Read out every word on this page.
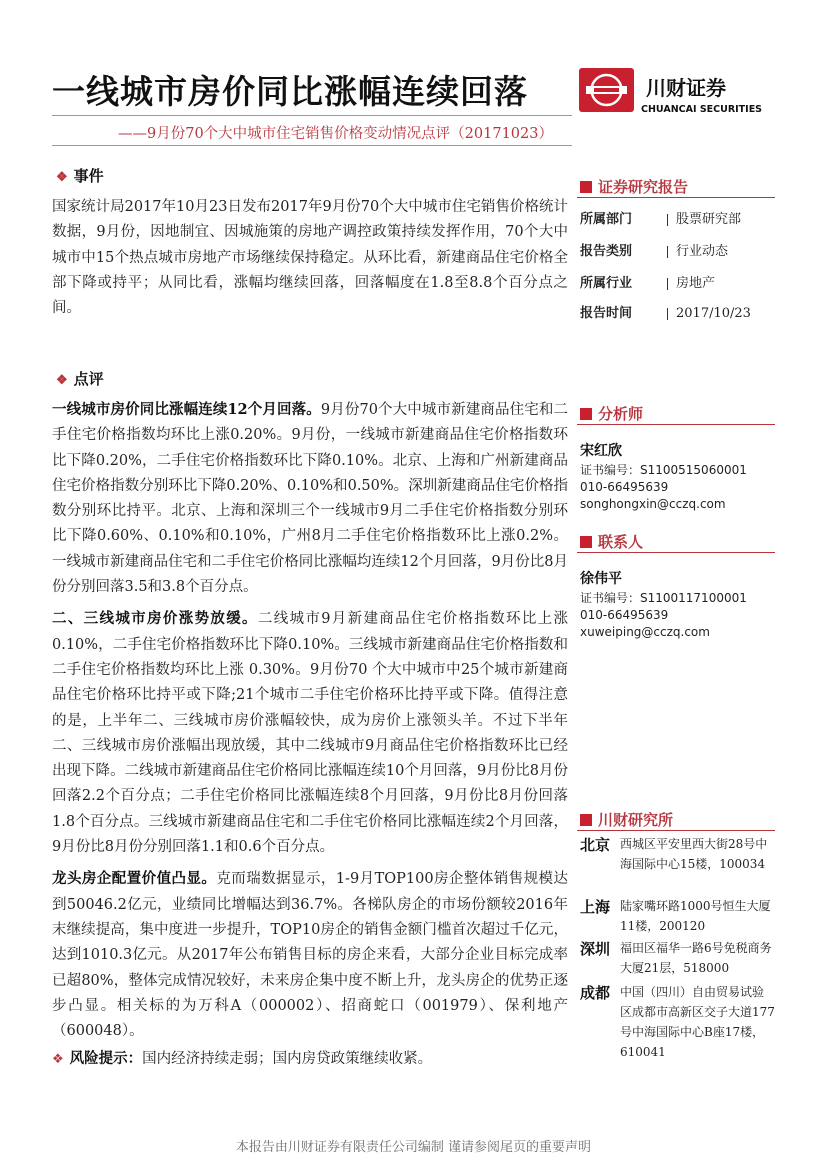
一线城市房价同比涨幅连续回落
——9月份70个大中城市住宅销售价格变动情况点评（20171023）
川财证券
CHUANCAI SECURITIES
❖ 事件
国家统计局2017年10月23日发布2017年9月份70个大中城市住宅销售价格统计数据，9月份，因地制宜、因城施策的房地产调控政策持续发挥作用，70个大中城市中15个热点城市房地产市场继续保持稳定。从环比看，新建商品住宅价格全部下降或持平；从同比看，涨幅均继续回落，回落幅度在1.8至8.8个百分点之间。
❖ 点评
一线城市房价同比涨幅连续12个月回落。9月份70个大中城市新建商品住宅和二手住宅价格指数均环比上涨0.20%。9月份，一线城市新建商品住宅价格指数环比下降0.20%，二手住宅价格指数环比下降0.10%。北京、上海和广州新建商品住宅价格指数分别环比下降0.20%、0.10%和0.50%。深圳新建商品住宅价格指数分别环比持平。北京、上海和深圳三个一线城市9月二手住宅价格指数分别环比下降0.60%、0.10%和0.10%，广州8月二手住宅价格指数环比上涨0.2%。一线城市新建商品住宅和二手住宅价格同比涨幅均连续12个月回落，9月份比8月份分别回落3.5和3.8个百分点。
二、三线城市房价涨势放缓。二线城市9月新建商品住宅价格指数环比上涨0.10%，二手住宅价格指数环比下降0.10%。三线城市新建商品住宅价格指数和二手住宅价格指数均环比上涨 0.30%。9月份70 个大中城市中25个城市新建商品住宅价格环比持平或下降;21个城市二手住宅价格环比持平或下降。值得注意的是，上半年二、三线城市房价涨幅较快，成为房价上涨领头羊。不过下半年二、三线城市房价涨幅出现放缓，其中二线城市9月商品住宅价格指数环比已经出现下降。二线城市新建商品住宅价格同比涨幅连续10个月回落，9月份比8月份回落2.2个百分点；二手住宅价格同比涨幅连续8个月回落，9月份比8月份回落1.8个百分点。三线城市新建商品住宅和二手住宅价格同比涨幅连续2个月回落，9月份比8月份分别回落1.1和0.6个百分点。
龙头房企配置价值凸显。克而瑞数据显示，1-9月TOP100房企整体销售规模达到50046.2亿元，业绩同比增幅达到36.7%。各梯队房企的市场份额较2016年末继续提高，集中度进一步提升，TOP10房企的销售金额门槛首次超过千亿元，达到1010.3亿元。从2017年公布销售目标的房企来看，大部分企业目标完成率已超80%，整体完成情况较好，未来房企集中度不断上升，龙头房企的优势正逐步凸显。相关标的为万科A（000002）、招商蛇口（001979）、保利地产（600048）。
❖ 风险提示：国内经济持续走弱；国内房贷政策继续收紧。
证券研究报告
所属部门	股票研究部
报告类别	行业动态
所属行业	房地产
报告时间	2017/10/23
分析师
宋红欣
证书编号：S1100515060001
010-66495639
songhongxin@cczq.com
联系人
徐伟平
证书编号：S1100117100001
010-66495639
xuweiping@cczq.com
川财研究所
北京 西城区平安里西大街28号中海国际中心15楼，100034
上海 陆家嘴环路1000号恒生大厦11楼，200120
深圳 福田区福华一路6号免税商务大厦21层，518000
成都 中国（四川）自由贸易试验区成都市高新区交子大道177号中海国际中心B座17楼，610041
本报告由川财证券有限责任公司编制 谨请参阅尾页的重要声明
